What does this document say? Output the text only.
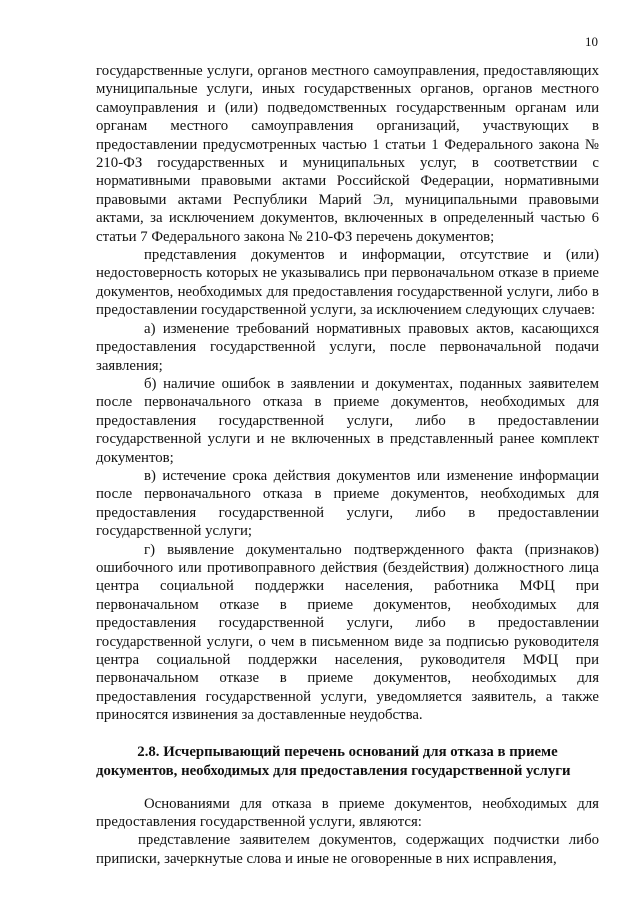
10

государственные услуги, органов местного самоуправления, предоставляющих муниципальные услуги, иных государственных органов, органов местного самоуправления и (или) подведомственных государственным органам или органам местного самоуправления организаций, участвующих в предоставлении предусмотренных частью 1 статьи 1 Федерального закона № 210-ФЗ государственных и муниципальных услуг, в соответствии с нормативными правовыми актами Российской Федерации, нормативными правовыми актами Республики Марий Эл, муниципальными правовыми актами, за исключением документов, включенных в определенный частью 6 статьи 7 Федерального закона № 210-ФЗ перечень документов;

представления документов и информации, отсутствие и (или) недостоверность которых не указывались при первоначальном отказе в приеме документов, необходимых для предоставления государственной услуги, либо в предоставлении государственной услуги, за исключением следующих случаев:

а) изменение требований нормативных правовых актов, касающихся предоставления государственной услуги, после первоначальной подачи заявления;

б) наличие ошибок в заявлении и документах, поданных заявителем после первоначального отказа в приеме документов, необходимых для предоставления государственной услуги, либо в предоставлении государственной услуги и не включенных в представленный ранее комплект документов;

в) истечение срока действия документов или изменение информации после первоначального отказа в приеме документов, необходимых для предоставления государственной услуги, либо в предоставлении государственной услуги;

г) выявление документально подтвержденного факта (признаков) ошибочного или противоправного действия (бездействия) должностного лица центра социальной поддержки населения, работника МФЦ при первоначальном отказе в приеме документов, необходимых для предоставления государственной услуги, либо в предоставлении государственной услуги, о чем в письменном виде за подписью руководителя центра социальной поддержки населения, руководителя МФЦ при первоначальном отказе в приеме документов, необходимых для предоставления государственной услуги, уведомляется заявитель, а также приносятся извинения за доставленные неудобства.

2.8. Исчерпывающий перечень оснований для отказа в приеме документов, необходимых для предоставления государственной услуги

Основаниями для отказа в приеме документов, необходимых для предоставления государственной услуги, являются:

представление заявителем документов, содержащих подчистки либо приписки, зачеркнутые слова и иные не оговоренные в них исправления,
